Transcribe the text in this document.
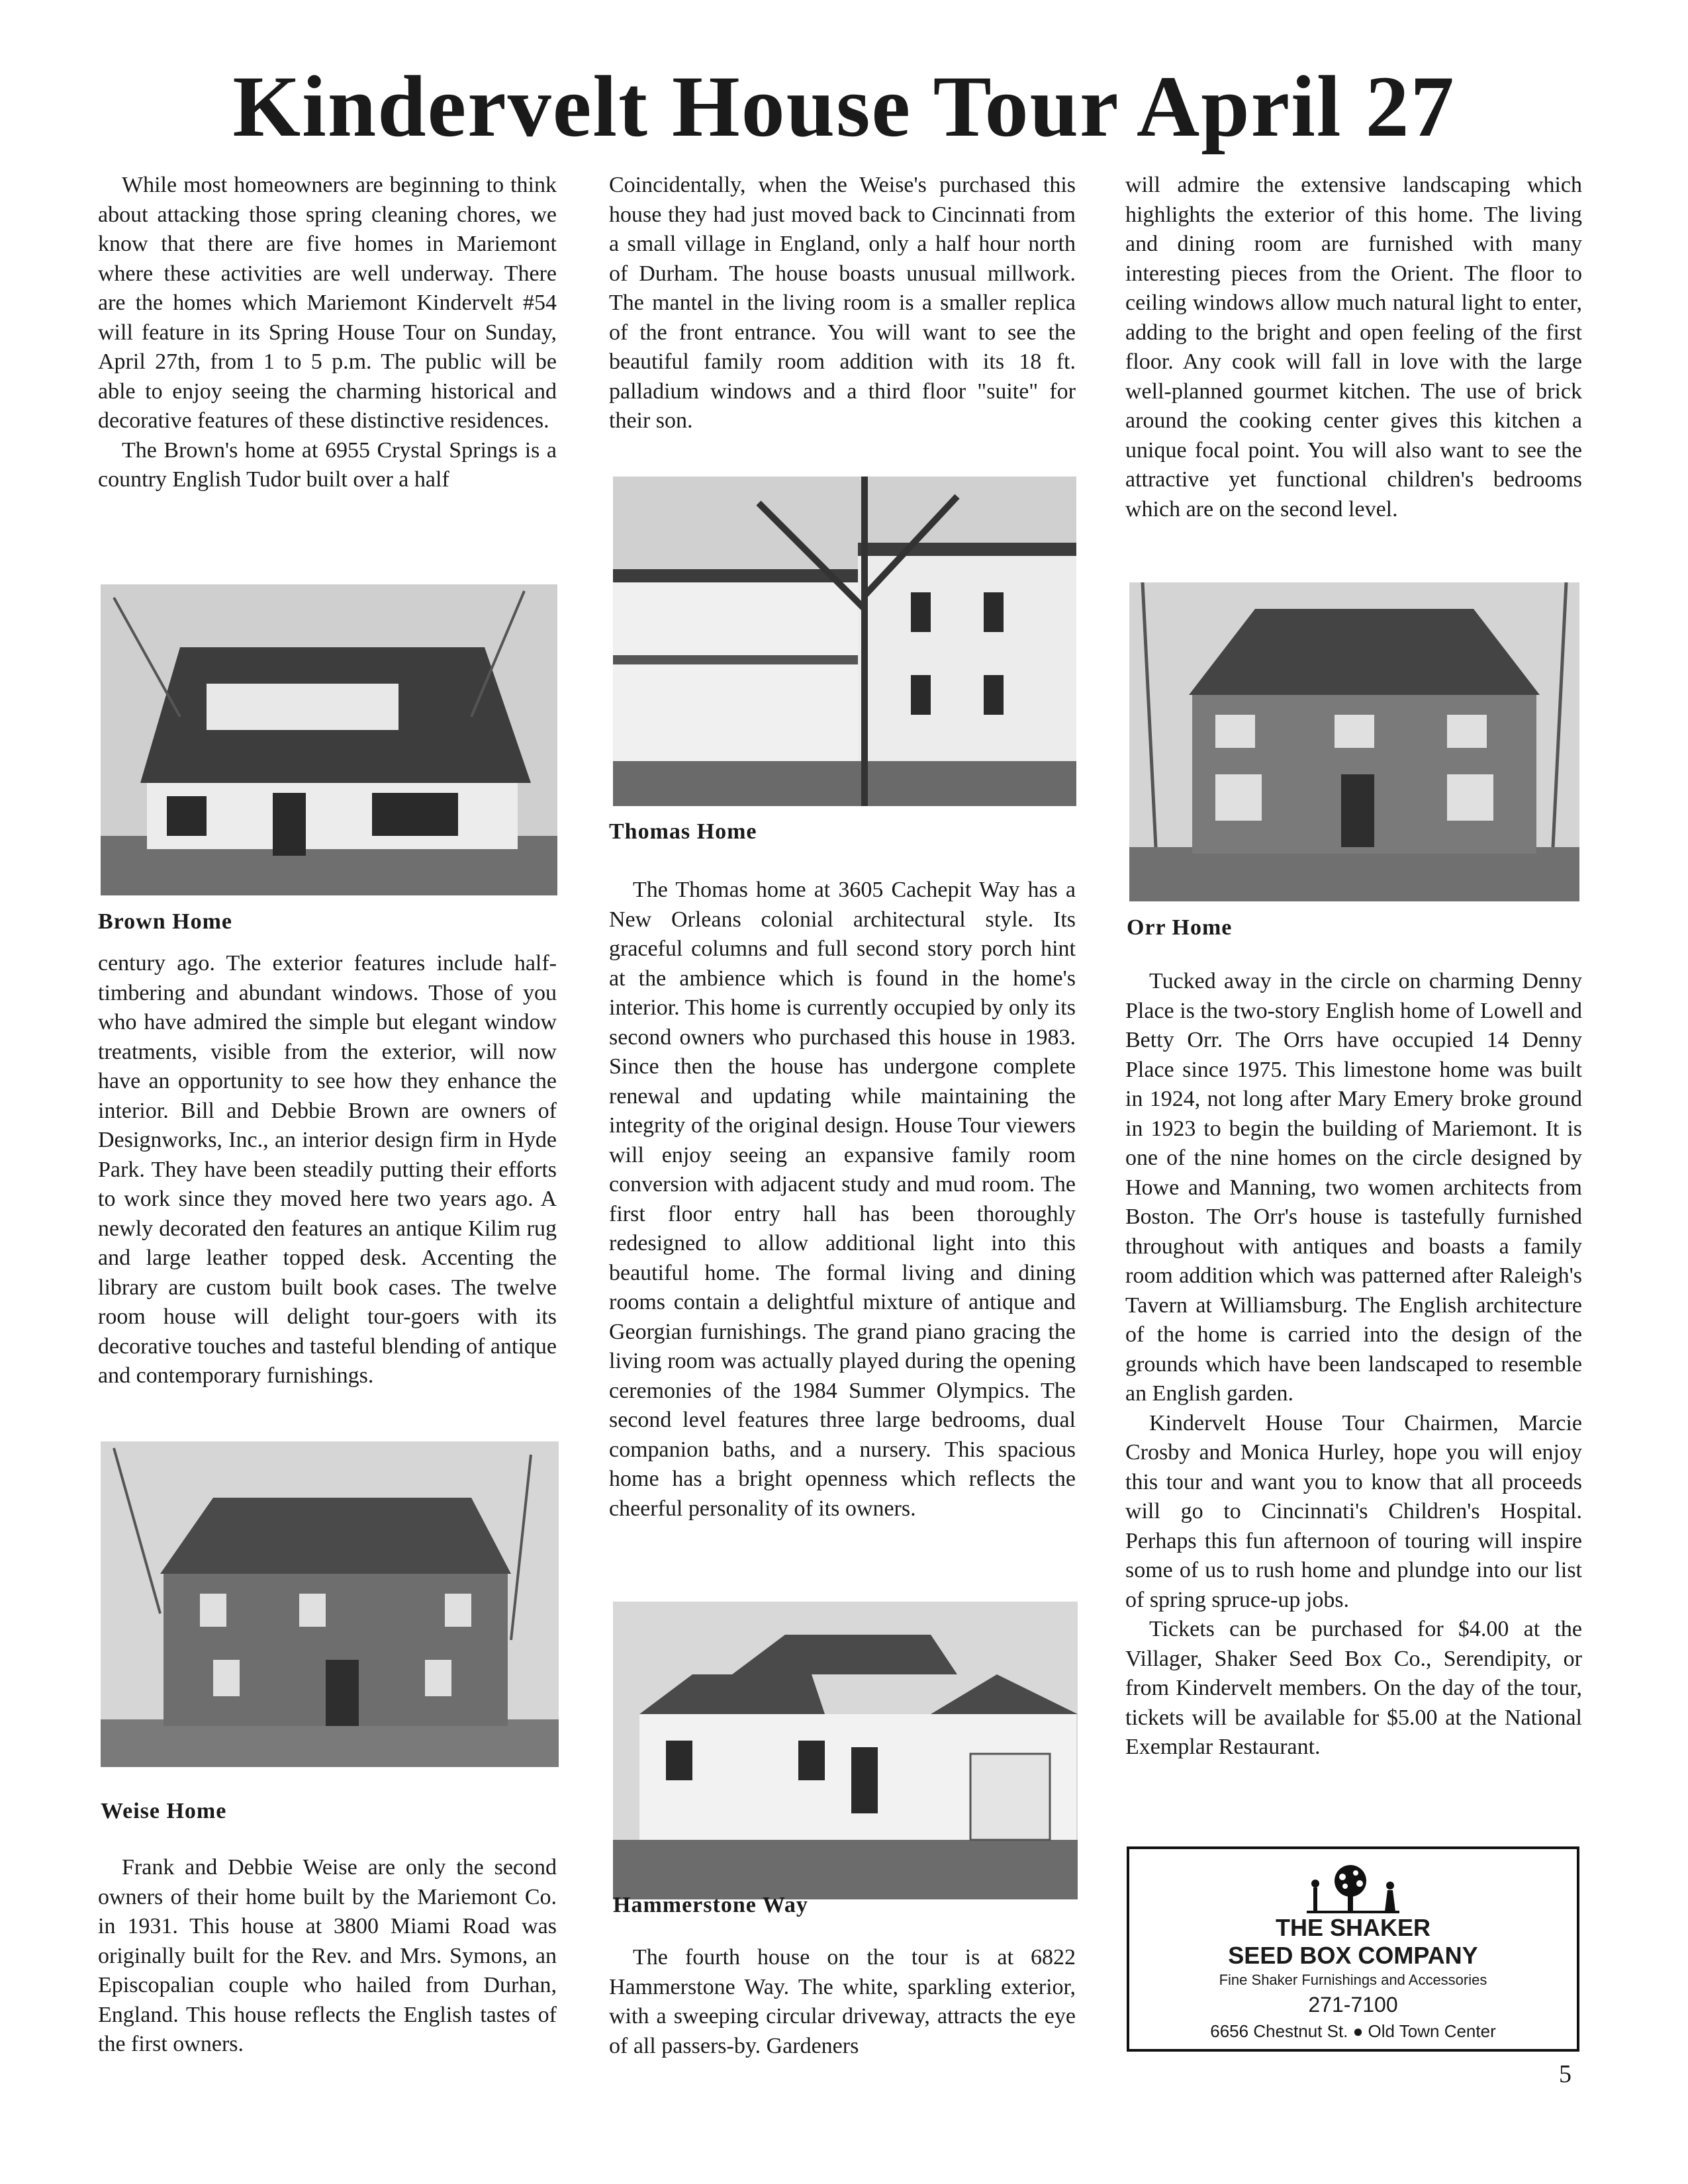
Kindervelt House Tour April 27

While most homeowners are beginning to think about attacking those spring cleaning chores, we know that there are five homes in Mariemont where these activities are well underway. There are the homes which Mariemont Kindervelt #54 will feature in its Spring House Tour on Sunday, April 27th, from 1 to 5 p.m. The public will be able to enjoy seeing the charming historical and decorative features of these distinctive residences.

The Brown's home at 6955 Crystal Springs is a country English Tudor built over a half

Brown Home

century ago. The exterior features include half-timbering and abundant windows. Those of you who have admired the simple but elegant window treatments, visible from the exterior, will now have an opportunity to see how they enhance the interior. Bill and Debbie Brown are owners of Designworks, Inc., an interior design firm in Hyde Park. They have been steadily putting their efforts to work since they moved here two years ago. A newly decorated den features an antique Kilim rug and large leather topped desk. Accenting the library are custom built book cases. The twelve room house will delight tour-goers with its decorative touches and tasteful blending of antique and contemporary furnishings.

Weise Home

Frank and Debbie Weise are only the second owners of their home built by the Mariemont Co. in 1931. This house at 3800 Miami Road was originally built for the Rev. and Mrs. Symons, an Episcopalian couple who hailed from Durhan, England. This house reflects the English tastes of the first owners.

Coincidentally, when the Weise's purchased this house they had just moved back to Cincinnati from a small village in England, only a half hour north of Durham. The house boasts unusual millwork. The mantel in the living room is a smaller replica of the front entrance. You will want to see the beautiful family room addition with its 18 ft. palladium windows and a third floor "suite" for their son.

Thomas Home

The Thomas home at 3605 Cachepit Way has a New Orleans colonial architectural style. Its graceful columns and full second story porch hint at the ambience which is found in the home's interior. This home is currently occupied by only its second owners who purchased this house in 1983. Since then the house has undergone complete renewal and updating while maintaining the integrity of the original design. House Tour viewers will enjoy seeing an expansive family room conversion with adjacent study and mud room. The first floor entry hall has been thoroughly redesigned to allow additional light into this beautiful home. The formal living and dining rooms contain a delightful mixture of antique and Georgian furnishings. The grand piano gracing the living room was actually played during the opening ceremonies of the 1984 Summer Olympics. The second level features three large bedrooms, dual companion baths, and a nursery. This spacious home has a bright openness which reflects the cheerful personality of its owners.

Hammerstone Way

The fourth house on the tour is at 6822 Hammerstone Way. The white, sparkling exterior, with a sweeping circular driveway, attracts the eye of all passers-by. Gardeners

will admire the extensive landscaping which highlights the exterior of this home. The living and dining room are furnished with many interesting pieces from the Orient. The floor to ceiling windows allow much natural light to enter, adding to the bright and open feeling of the first floor. Any cook will fall in love with the large well-planned gourmet kitchen. The use of brick around the cooking center gives this kitchen a unique focal point. You will also want to see the attractive yet functional children's bedrooms which are on the second level.

Orr Home

Tucked away in the circle on charming Denny Place is the two-story English home of Lowell and Betty Orr. The Orrs have occupied 14 Denny Place since 1975. This limestone home was built in 1924, not long after Mary Emery broke ground in 1923 to begin the building of Mariemont. It is one of the nine homes on the circle designed by Howe and Manning, two women architects from Boston. The Orr's house is tastefully furnished throughout with antiques and boasts a family room addition which was patterned after Raleigh's Tavern at Williamsburg. The English architecture of the home is carried into the design of the grounds which have been landscaped to resemble an English garden.

Kindervelt House Tour Chairmen, Marcie Crosby and Monica Hurley, hope you will enjoy this tour and want you to know that all proceeds will go to Cincinnati's Children's Hospital. Perhaps this fun afternoon of touring will inspire some of us to rush home and plundge into our list of spring spruce-up jobs.

Tickets can be purchased for $4.00 at the Villager, Shaker Seed Box Co., Serendipity, or from Kindervelt members. On the day of the tour, tickets will be available for $5.00 at the National Exemplar Restaurant.

THE SHAKER
SEED BOX COMPANY
Fine Shaker Furnishings and Accessories
271-7100
6656 Chestnut St. ● Old Town Center
5
